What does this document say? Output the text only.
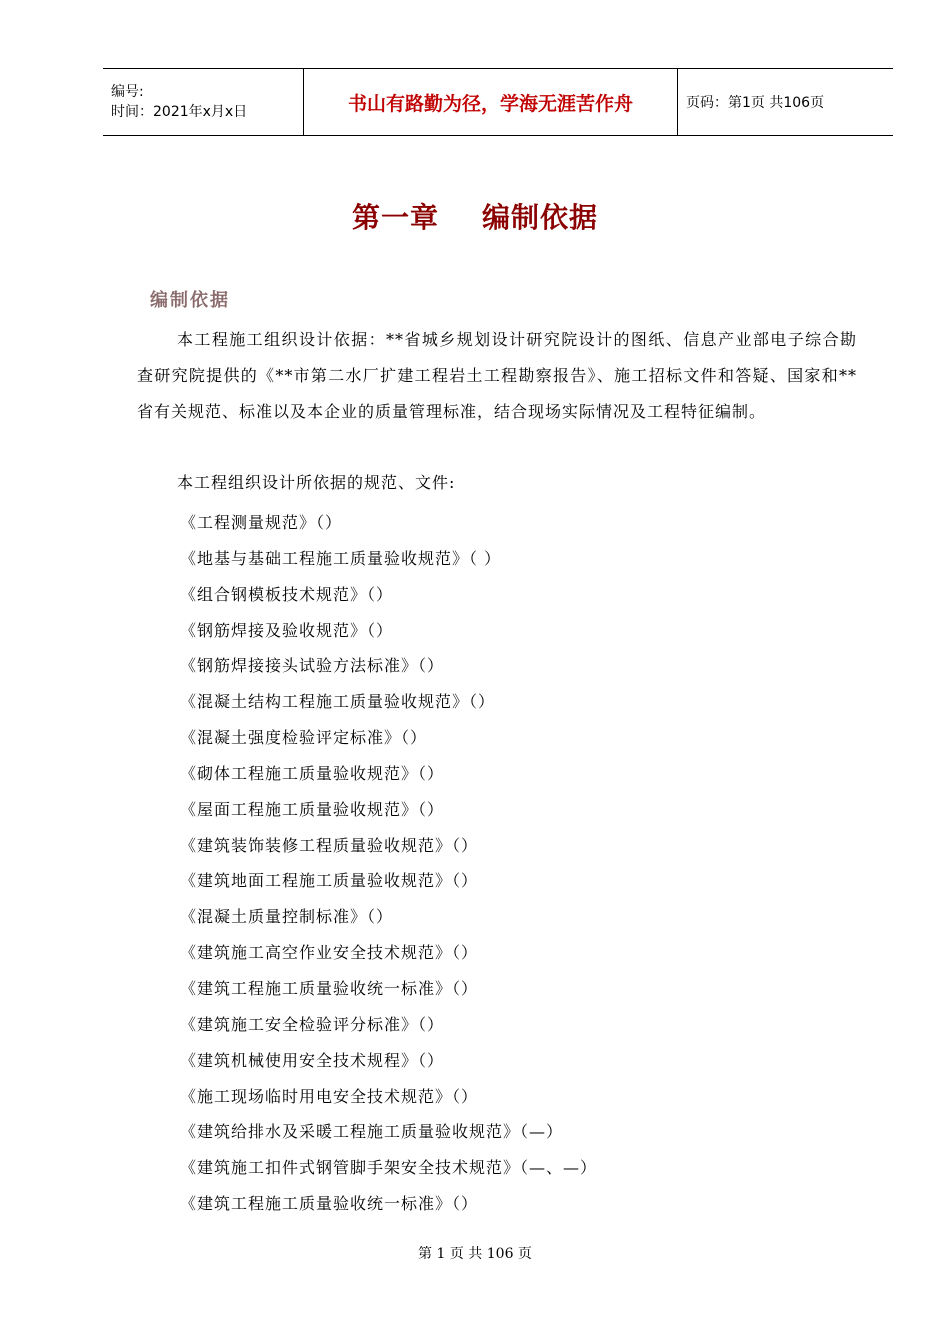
编号:
时间：2021年x月x日	书山有路勤为径，学海无涯苦作舟	页码：第1页 共106页
第一章    编制依据
编制依据
本工程施工组织设计依据：**省城乡规划设计研究院设计的图纸、信息产业部电子综合勘查研究院提供的《**市第二水厂扩建工程岩土工程勘察报告》、施工招标文件和答疑、国家和**省有关规范、标准以及本企业的质量管理标准，结合现场实际情况及工程特征编制。
本工程组织设计所依据的规范、文件:
《工程测量规范》（）
《地基与基础工程施工质量验收规范》（ ）
《组合钢模板技术规范》（）
《钢筋焊接及验收规范》（）
《钢筋焊接接头试验方法标准》（）
《混凝土结构工程施工质量验收规范》（）
《混凝土强度检验评定标准》（）
《砌体工程施工质量验收规范》（）
《屋面工程施工质量验收规范》（）
《建筑装饰装修工程质量验收规范》（）
《建筑地面工程施工质量验收规范》（）
《混凝土质量控制标准》（）
《建筑施工高空作业安全技术规范》（）
《建筑工程施工质量验收统一标准》（）
《建筑施工安全检验评分标准》（）
《建筑机械使用安全技术规程》（）
《施工现场临时用电安全技术规范》（）
《建筑给排水及采暖工程施工质量验收规范》（—）
《建筑施工扣件式钢管脚手架安全技术规范》（—、—）
《建筑工程施工质量验收统一标准》（）
第 1 页 共 106 页
